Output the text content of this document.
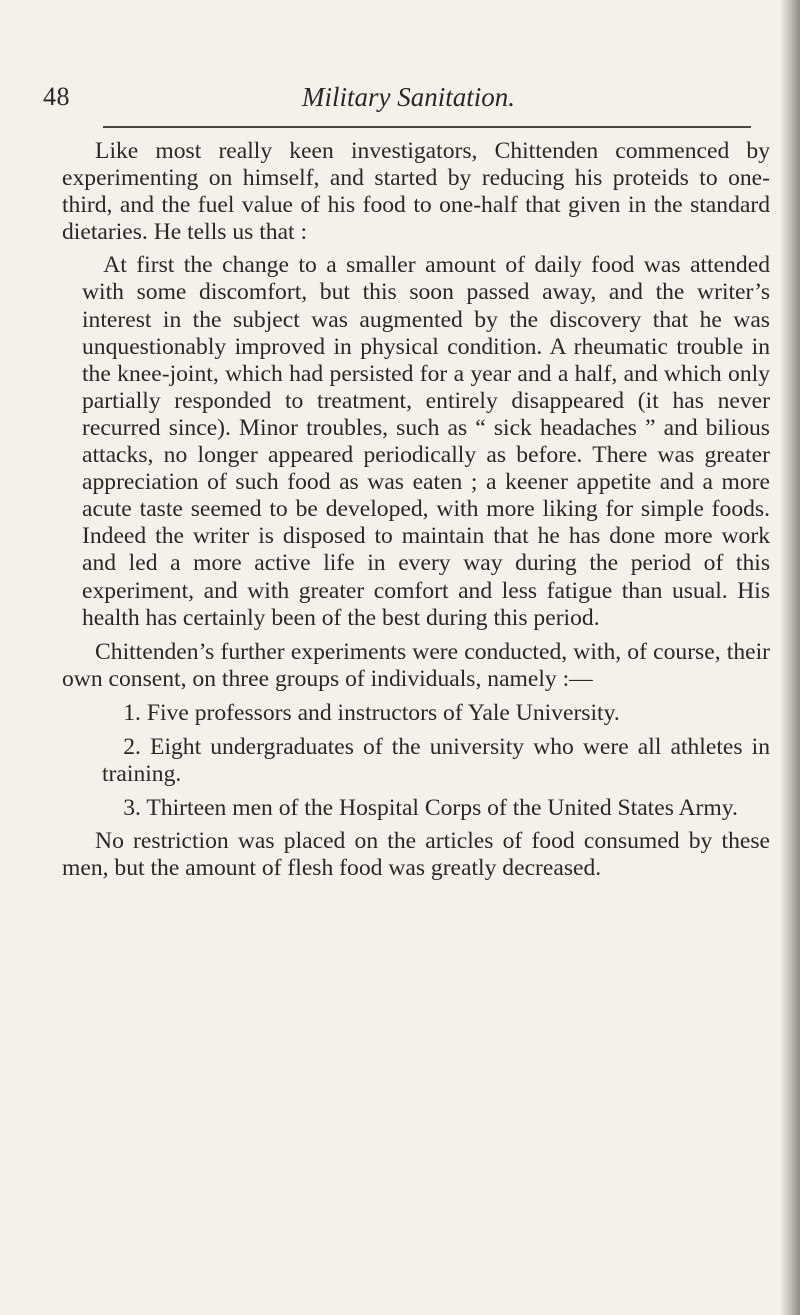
48	Military Sanitation.

Like most really keen investigators, Chittenden commenced by experimenting on himself, and started by reducing his proteids to one-third, and the fuel value of his food to one-half that given in the standard dietaries. He tells us that :

At first the change to a smaller amount of daily food was attended with some discomfort, but this soon passed away, and the writer’s interest in the subject was augmented by the discovery that he was unquestionably improved in physical condition. A rheumatic trouble in the knee-joint, which had persisted for a year and a half, and which only partially responded to treatment, entirely disappeared (it has never recurred since). Minor troubles, such as “ sick headaches ” and bilious attacks, no longer appeared periodically as before. There was greater appreciation of such food as was eaten ; a keener appetite and a more acute taste seemed to be developed, with more liking for simple foods. Indeed the writer is disposed to maintain that he has done more work and led a more active life in every way during the period of this experiment, and with greater comfort and less fatigue than usual. His health has certainly been of the best during this period.

Chittenden’s further experiments were conducted, with, of course, their own consent, on three groups of individuals, namely :—

1. Five professors and instructors of Yale University.
2. Eight undergraduates of the university who were all athletes in training.
3. Thirteen men of the Hospital Corps of the United States Army.

No restriction was placed on the articles of food consumed by these men, but the amount of flesh food was greatly decreased.
